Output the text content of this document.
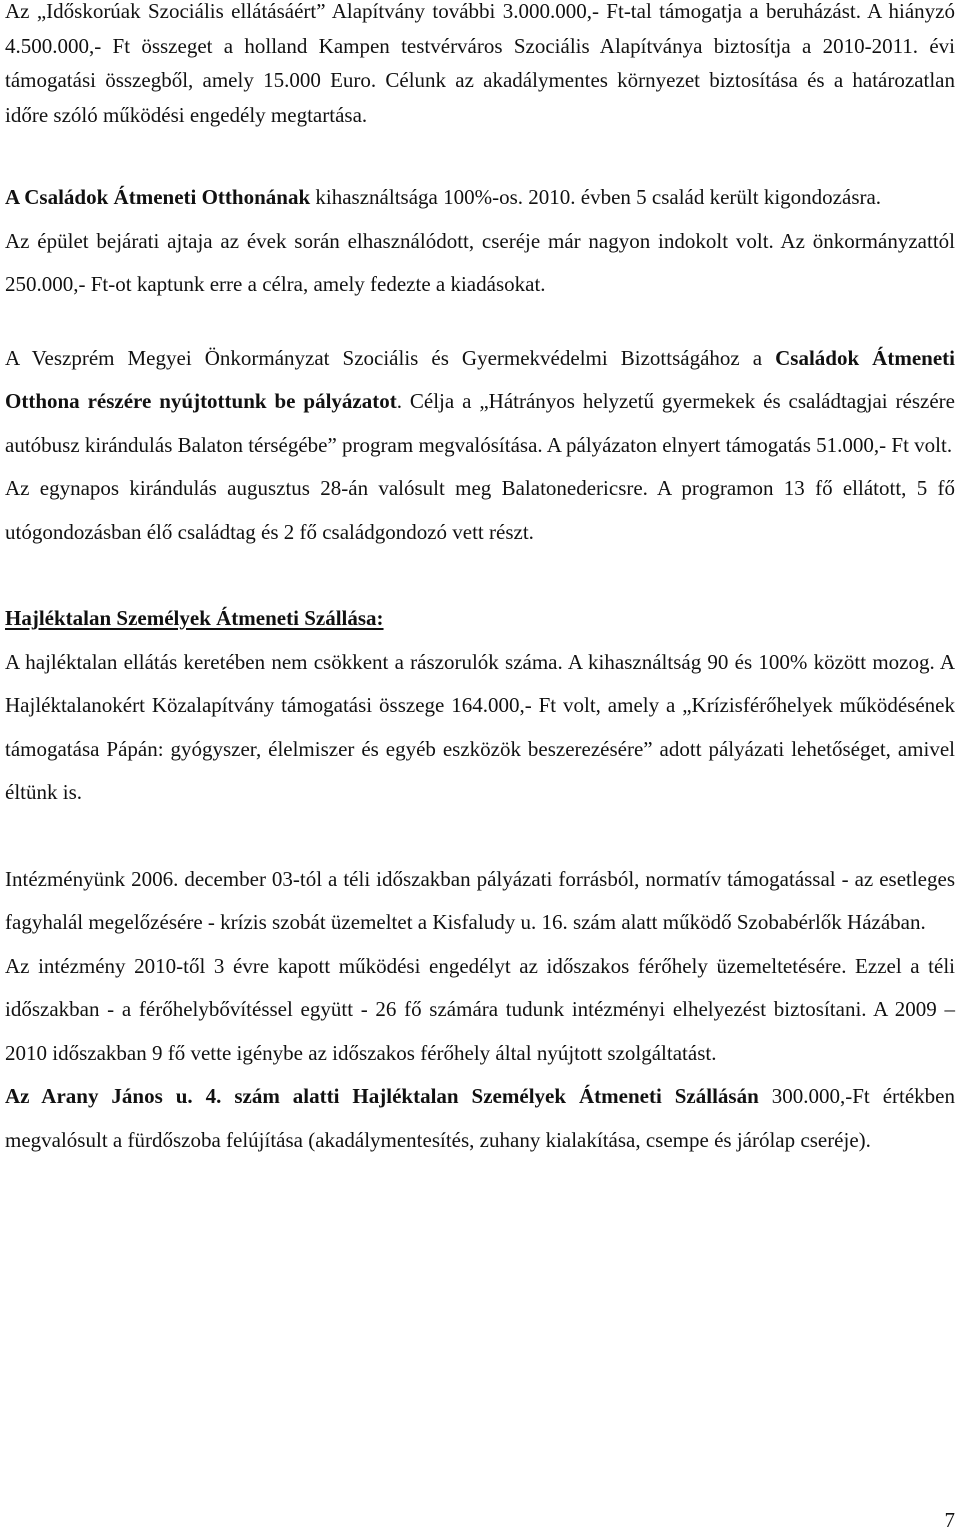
Az „Időskorúak Szociális ellátásáért” Alapítvány további 3.000.000,- Ft-tal támogatja a beruházást. A hiányzó 4.500.000,- Ft összeget a holland Kampen testvérváros Szociális Alapítványa biztosítja a 2010-2011. évi támogatási összegből, amely 15.000 Euro. Célunk az akadálymentes környezet biztosítása és a határozatlan időre szóló működési engedély megtartása.

A Családok Átmeneti Otthonának kihasználtsága 100%-os. 2010. évben 5 család került kigondozásra.

Az épület bejárati ajtaja az évek során elhasználódott, cseréje már nagyon indokolt volt. Az önkormányzattól 250.000,- Ft-ot kaptunk erre a célra, amely fedezte a kiadásokat.

A Veszprém Megyei Önkormányzat Szociális és Gyermekvédelmi Bizottságához a Családok Átmeneti Otthona részére nyújtottunk be pályázatot. Célja a „Hátrányos helyzetű gyermekek és családtagjai részére autóbusz kirándulás Balaton térségébe” program megvalósítása. A pályázaton elnyert támogatás 51.000,- Ft volt.

Az egynapos kirándulás augusztus 28-án valósult meg Balatonedericsre. A programon 13 fő ellátott, 5 fő utógondozásban élő családtag és 2 fő családgondozó vett részt.

Hajléktalan Személyek Átmeneti Szállása:

A hajléktalan ellátás keretében nem csökkent a rászorulók száma. A kihasználtság 90 és 100% között mozog. A Hajléktalanokért Közalapítvány támogatási összege 164.000,- Ft volt, amely a „Krízisférőhelyek működésének támogatása Pápán: gyógyszer, élelmiszer és egyéb eszközök beszerezésére” adott pályázati lehetőséget, amivel éltünk is.

Intézményünk 2006. december 03-tól a téli időszakban pályázati forrásból, normatív támogatással - az esetleges fagyhalál megelőzésére - krízis szobát üzemeltet a Kisfaludy u. 16. szám alatt működő Szobabérlők Házában.

Az intézmény 2010-től 3 évre kapott működési engedélyt az időszakos férőhely üzemeltetésére. Ezzel a téli időszakban - a férőhelybővítéssel együtt - 26 fő számára tudunk intézményi elhelyezést biztosítani. A 2009 – 2010 időszakban 9 fő vette igénybe az időszakos férőhely által nyújtott szolgáltatást.

Az Arany János u. 4. szám alatti Hajléktalan Személyek Átmeneti Szállásán 300.000,-Ft értékben megvalósult a fürdőszoba felújítása (akadálymentesítés, zuhany kialakítása, csempe és járólap cseréje).

7
